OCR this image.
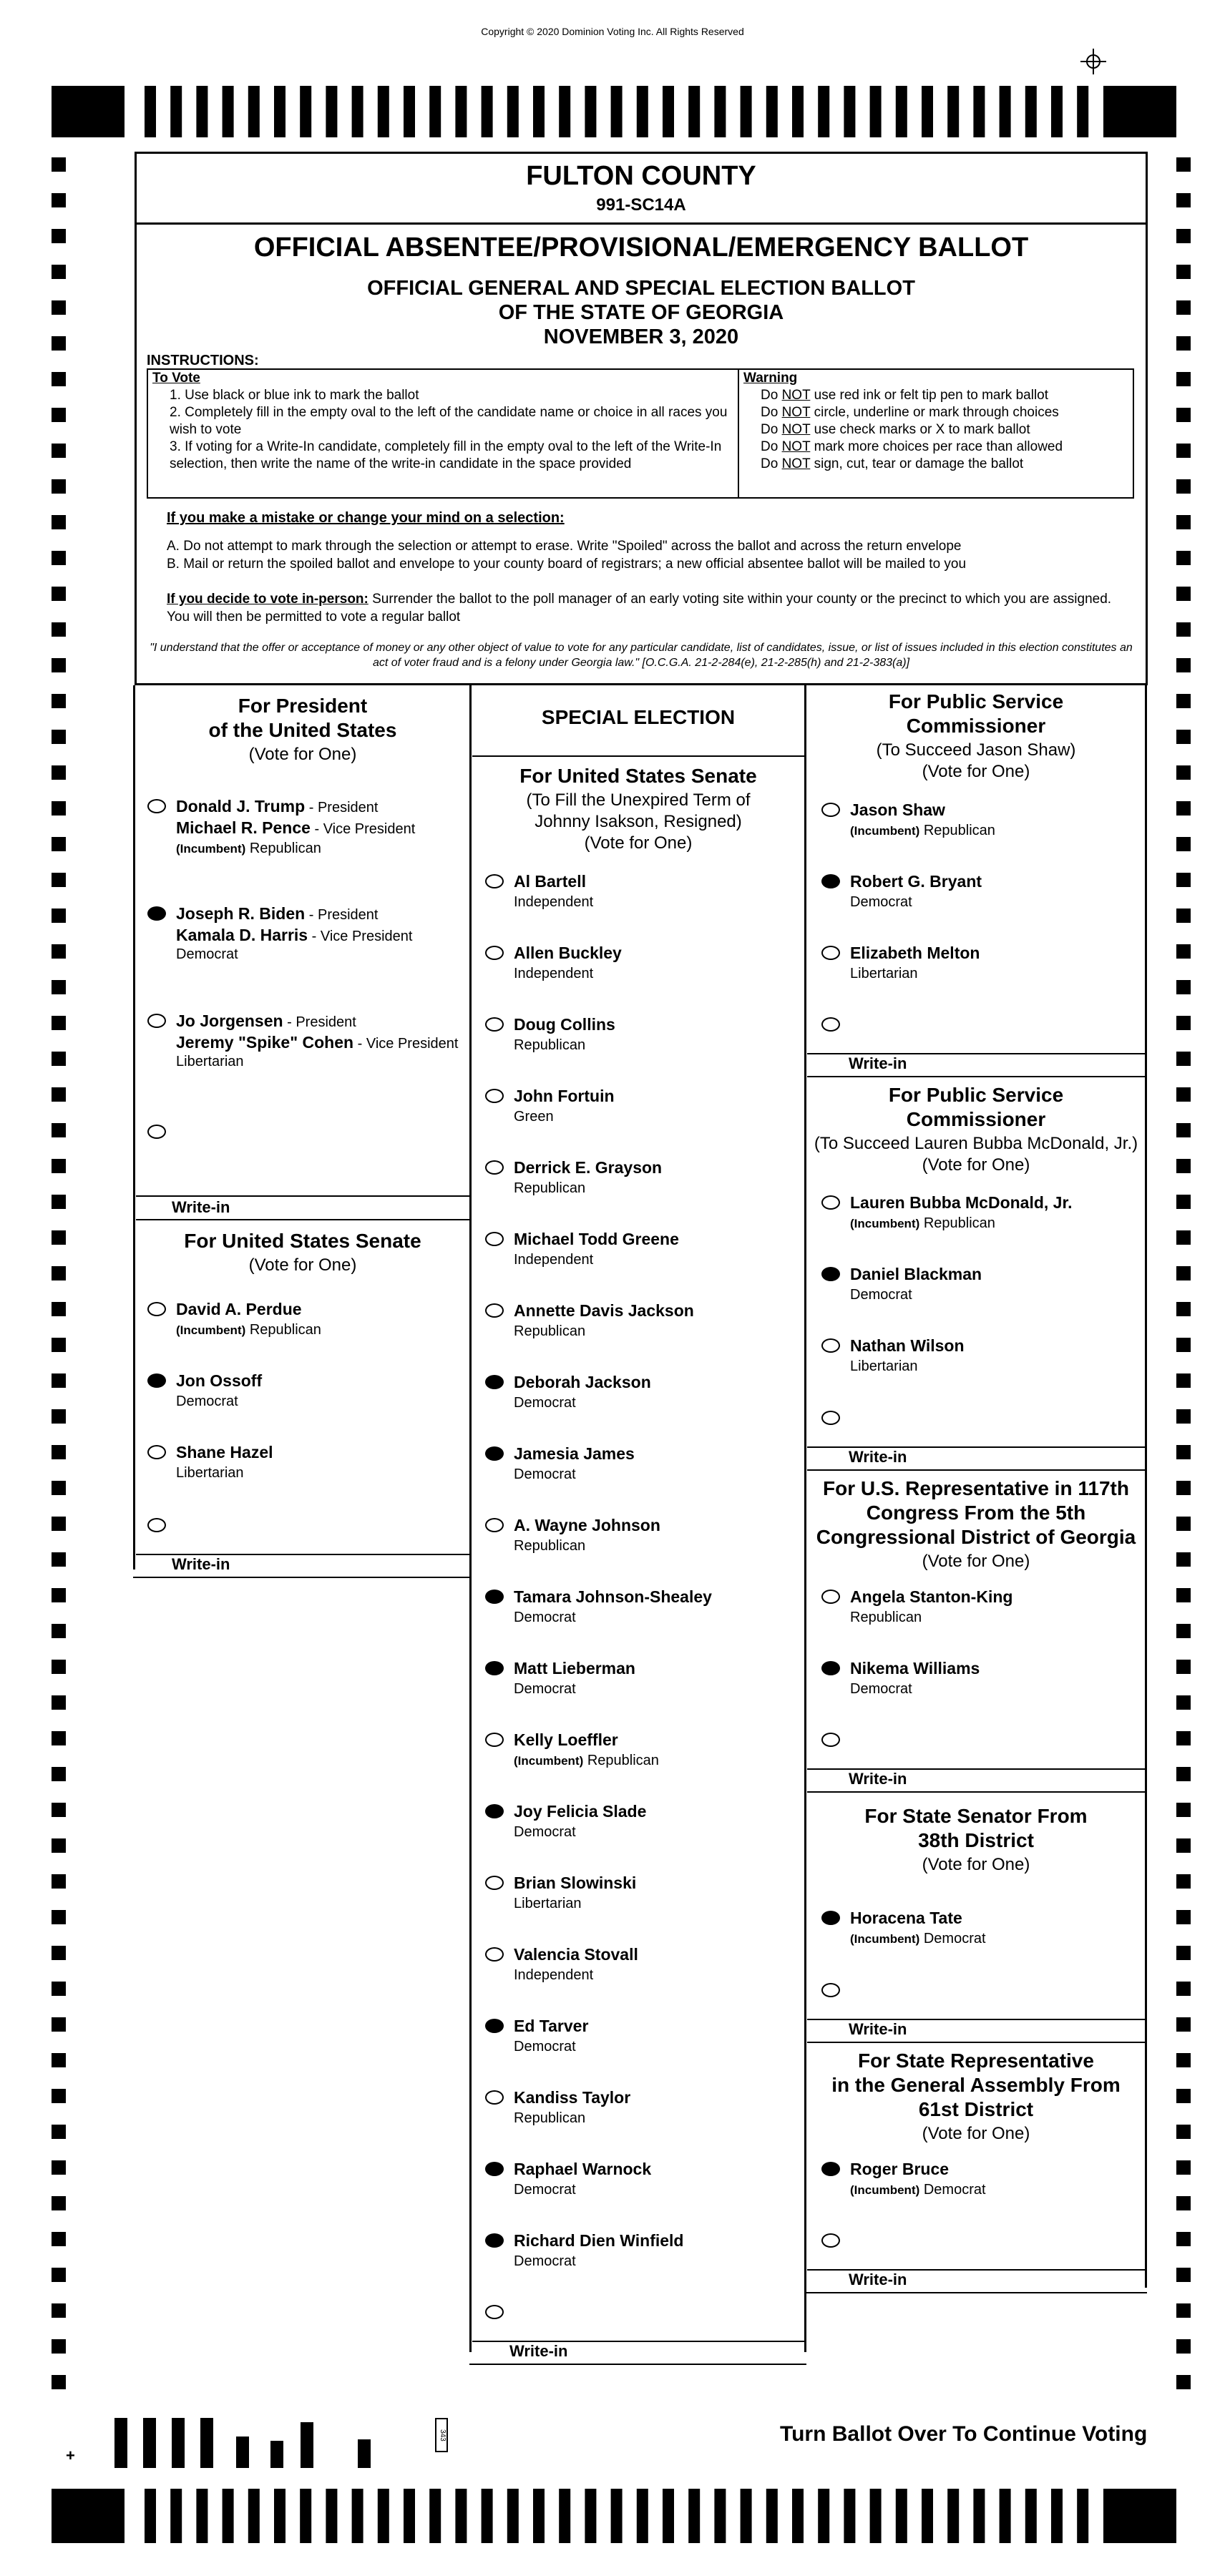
Copyright © 2020 Dominion Voting Inc. All Rights Reserved
FULTON COUNTY
991-SC14A
OFFICIAL ABSENTEE/PROVISIONAL/EMERGENCY BALLOT
OFFICIAL GENERAL AND SPECIAL ELECTION BALLOT
OF THE STATE OF GEORGIA
NOVEMBER 3, 2020
INSTRUCTIONS:
To Vote
1. Use black or blue ink to mark the ballot
2. Completely fill in the empty oval to the left of the candidate name or choice in all races you wish to vote
3. If voting for a Write-In candidate, completely fill in the empty oval to the left of the Write-In selection, then write the name of the write-in candidate in the space provided
Warning
Do NOT use red ink or felt tip pen to mark ballot
Do NOT circle, underline or mark through choices
Do NOT use check marks or X to mark ballot
Do NOT mark more choices per race than allowed
Do NOT sign, cut, tear or damage the ballot
If you make a mistake or change your mind on a selection:
A. Do not attempt to mark through the selection or attempt to erase. Write "Spoiled" across the ballot and across the return envelope
B. Mail or return the spoiled ballot and envelope to your county board of registrars; a new official absentee ballot will be mailed to you
If you decide to vote in-person: Surrender the ballot to the poll manager of an early voting site within your county or the precinct to which you are assigned. You will then be permitted to vote a regular ballot
"I understand that the offer or acceptance of money or any other object of value to vote for any particular candidate, list of candidates, issue, or list of issues included in this election constitutes an act of voter fraud and is a felony under Georgia law." [O.C.G.A. 21-2-284(e), 21-2-285(h) and 21-2-383(a)]
For President
of the United States
(Vote for One)
Donald J. Trump - President
Michael R. Pence - Vice President
(Incumbent) Republican
Joseph R. Biden - President
Kamala D. Harris - Vice President
Democrat
Jo Jorgensen - President
Jeremy "Spike" Cohen - Vice President
Libertarian
Write-in
For United States Senate
(Vote for One)
David A. Perdue
(Incumbent) Republican
Jon Ossoff
Democrat
Shane Hazel
Libertarian
Write-in
SPECIAL ELECTION
For United States Senate
(To Fill the Unexpired Term of
Johnny Isakson, Resigned)
(Vote for One)
Al Bartell
Independent
Allen Buckley
Independent
Doug Collins
Republican
John Fortuin
Green
Derrick E. Grayson
Republican
Michael Todd Greene
Independent
Annette Davis Jackson
Republican
Deborah Jackson
Democrat
Jamesia James
Democrat
A. Wayne Johnson
Republican
Tamara Johnson-Shealey
Democrat
Matt Lieberman
Democrat
Kelly Loeffler
(Incumbent) Republican
Joy Felicia Slade
Democrat
Brian Slowinski
Libertarian
Valencia Stovall
Independent
Ed Tarver
Democrat
Kandiss Taylor
Republican
Raphael Warnock
Democrat
Richard Dien Winfield
Democrat
Write-in
For Public Service
Commissioner
(To Succeed Jason Shaw)
(Vote for One)
Jason Shaw
(Incumbent) Republican
Robert G. Bryant
Democrat
Elizabeth Melton
Libertarian
Write-in
For Public Service
Commissioner
(To Succeed Lauren Bubba McDonald, Jr.)
(Vote for One)
Lauren Bubba McDonald, Jr.
(Incumbent) Republican
Daniel Blackman
Democrat
Nathan Wilson
Libertarian
Write-in
For U.S. Representative in 117th
Congress From the 5th
Congressional District of Georgia
(Vote for One)
Angela Stanton-King
Republican
Nikema Williams
Democrat
Write-in
For State Senator From
38th District
(Vote for One)
Horacena Tate
(Incumbent) Democrat
Write-in
For State Representative
in the General Assembly From
61st District
(Vote for One)
Roger Bruce
(Incumbent) Democrat
Write-in
+
343	Turn Ballot Over To Continue Voting
